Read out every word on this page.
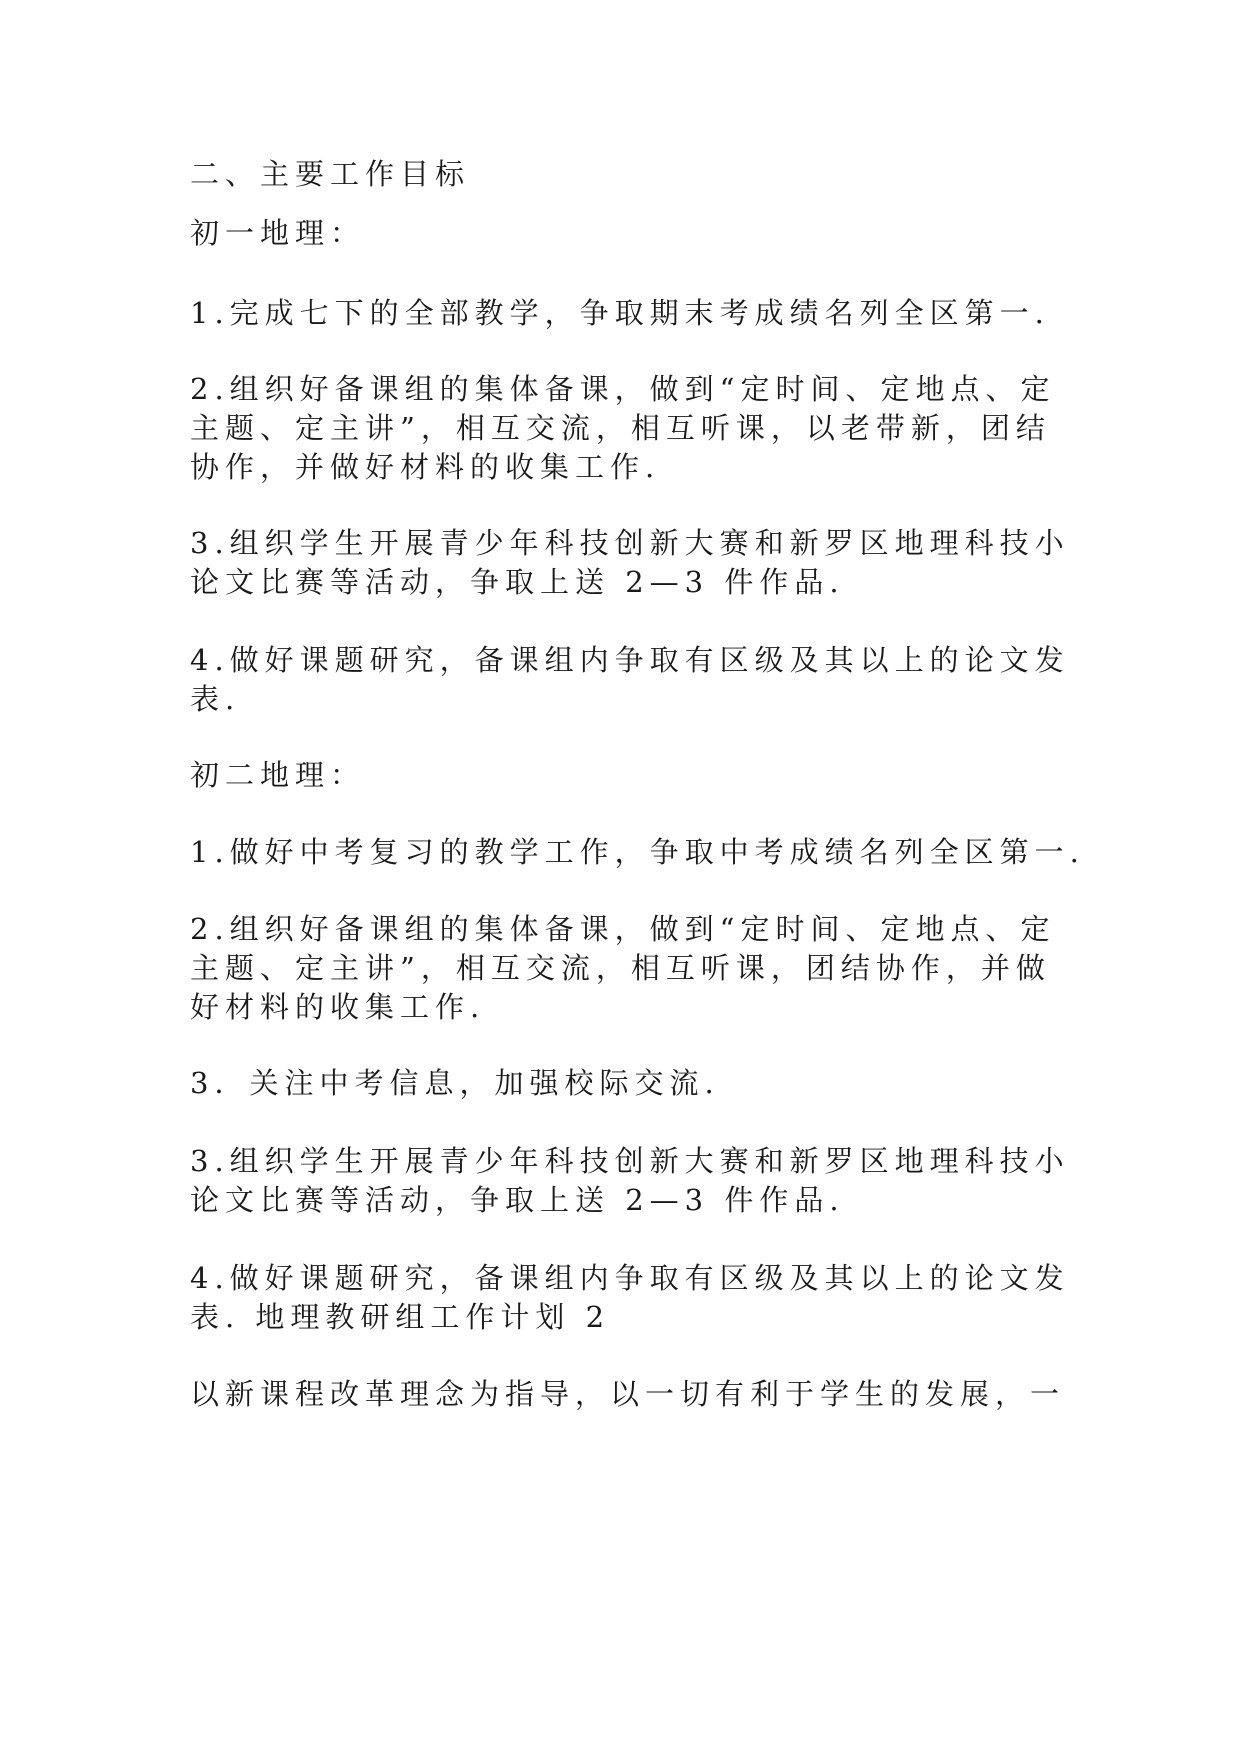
二、主要工作目标
初一地理：
1.完成七下的全部教学，争取期末考成绩名列全区第一.
2.组织好备课组的集体备课，做到“定时间、定地点、定
主题、定主讲”，相互交流，相互听课，以老带新，团结
协作，并做好材料的收集工作.
3.组织学生开展青少年科技创新大赛和新罗区地理科技小
论文比赛等活动，争取上送 2—3 件作品.
4.做好课题研究，备课组内争取有区级及其以上的论文发
表.
初二地理：
1.做好中考复习的教学工作，争取中考成绩名列全区第一.
2.组织好备课组的集体备课，做到“定时间、定地点、定
主题、定主讲”，相互交流，相互听课，团结协作，并做
好材料的收集工作.
3．关注中考信息，加强校际交流.
3.组织学生开展青少年科技创新大赛和新罗区地理科技小
论文比赛等活动，争取上送 2—3 件作品.
4.做好课题研究，备课组内争取有区级及其以上的论文发
表. 地理教研组工作计划 2
以新课程改革理念为指导，以一切有利于学生的发展，一
